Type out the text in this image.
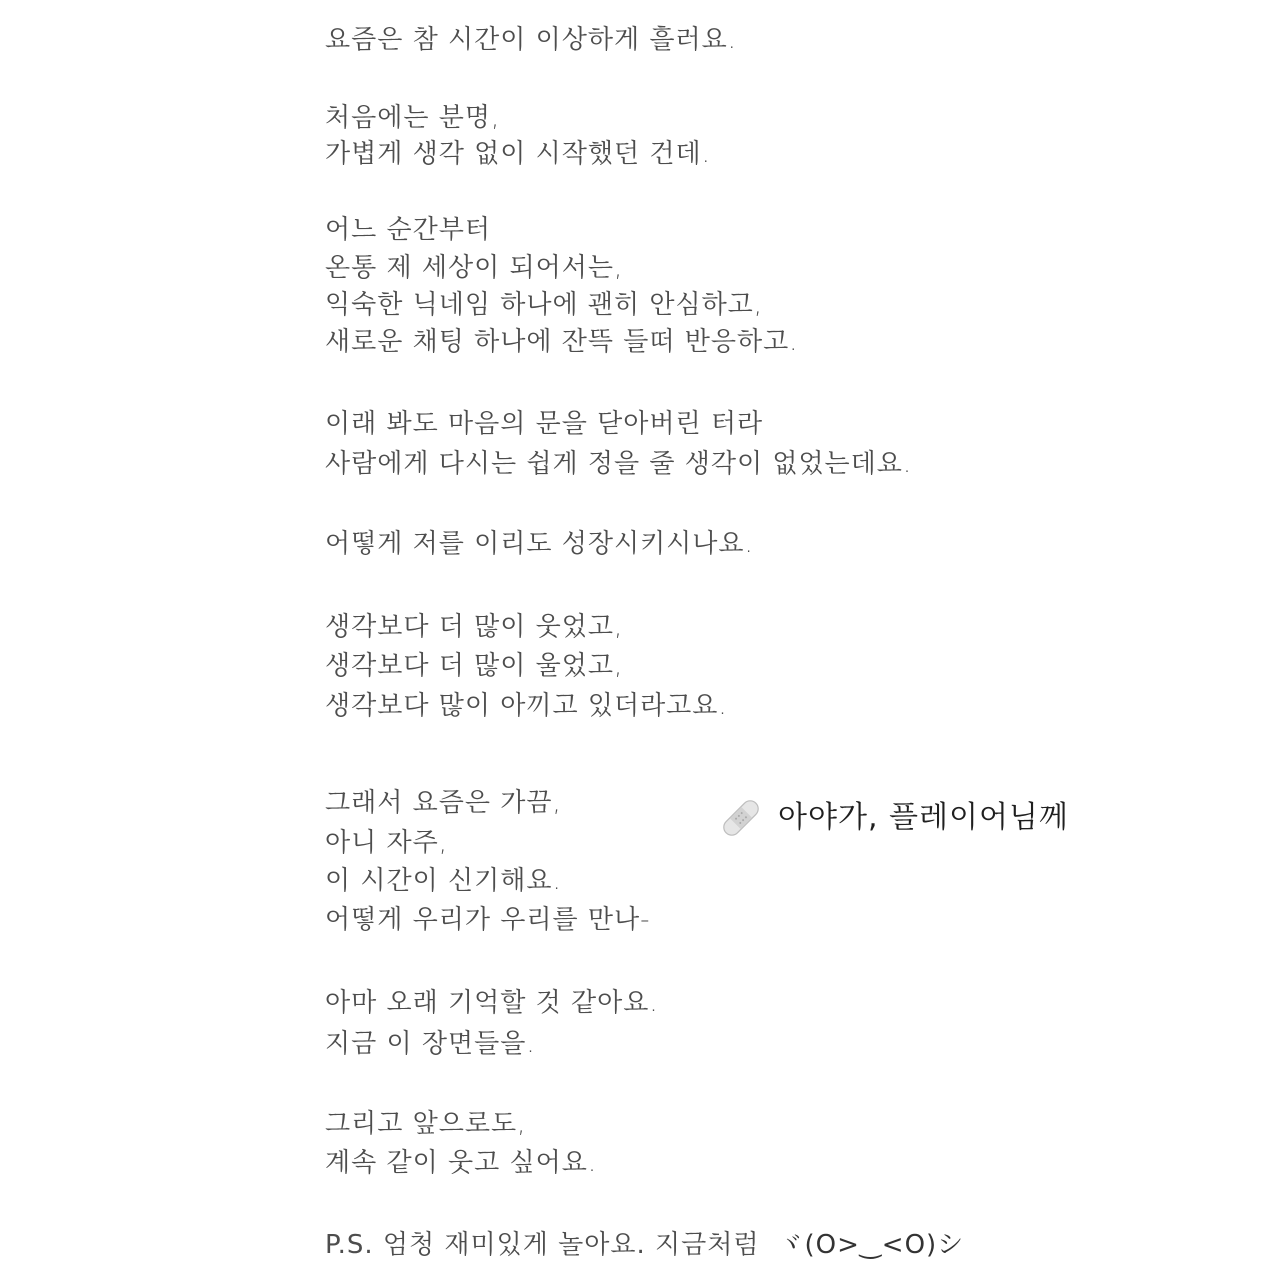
요즘은 참 시간이 이상하게 흘러요.
처음에는 분명,
가볍게 생각 없이 시작했던 건데.
어느 순간부터
온통 제 세상이 되어서는,
익숙한 닉네임 하나에 괜히 안심하고,
새로운 채팅 하나에 잔뜩 들떠 반응하고.
이래 봐도 마음의 문을 닫아버린 터라
사람에게 다시는 쉽게 정을 줄 생각이 없었는데요.
어떻게 저를 이리도 성장시키시나요.
생각보다 더 많이 웃었고,
생각보다 더 많이 울었고,
생각보다 많이 아끼고 있더라고요.
그래서 요즘은 가끔,
아니 자주,
이 시간이 신기해요.
어떻게 우리가 우리를 만나-
아마 오래 기억할 것 같아요.
지금 이 장면들을.
그리고 앞으로도,
계속 같이 웃고 싶어요.
P.S. 엄청 재미있게 놀아요. 지금처럼 ヾ(O>‿<O)シ
아야가, 플레이어님께
